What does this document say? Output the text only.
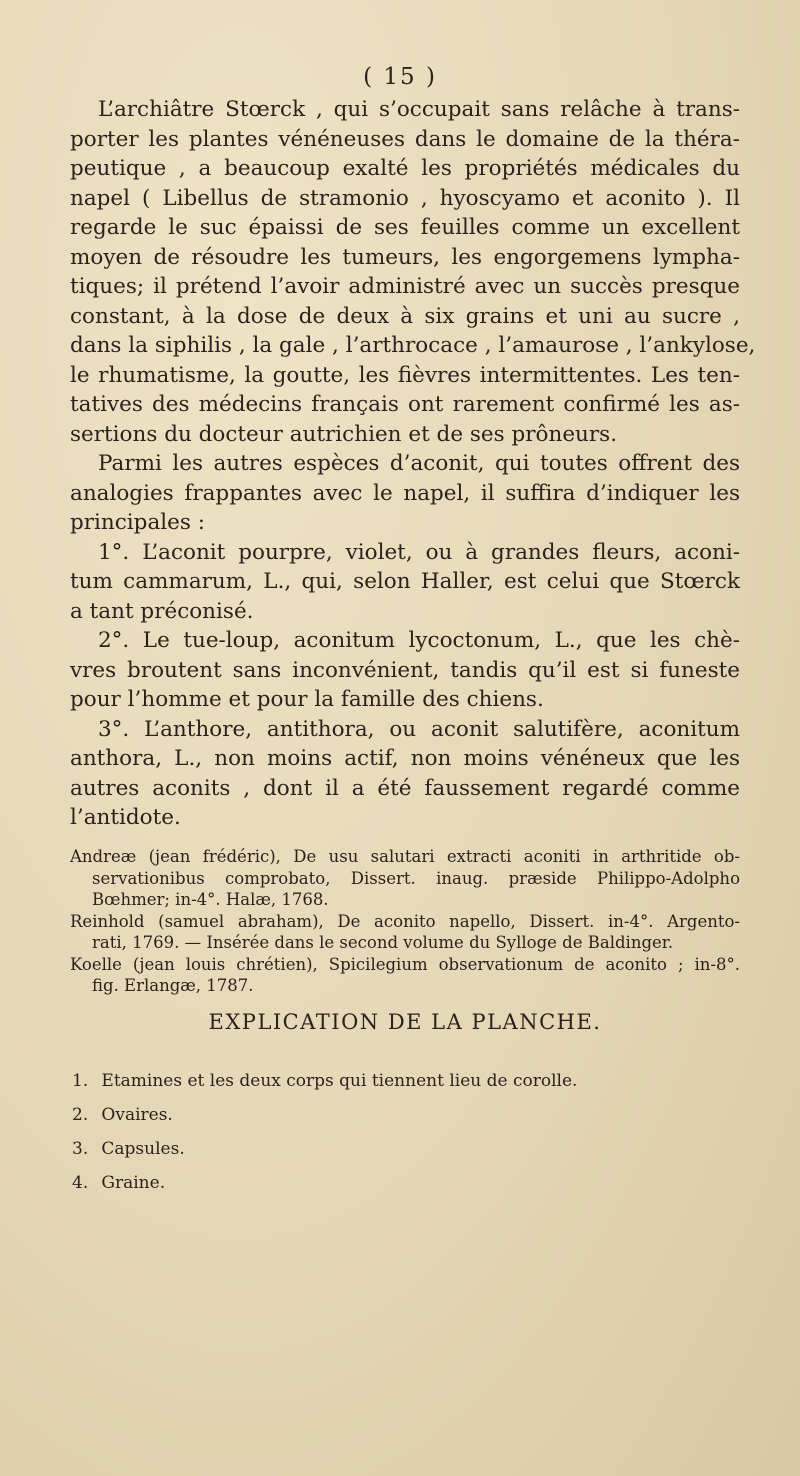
( 15 )
L’archiâtre Stœrck , qui s’occupait sans relâche à trans-
porter les plantes vénéneuses dans le domaine de la théra-
peutique , a beaucoup exalté les propriétés médicales du
napel ( Libellus de stramonio , hyoscyamo et aconito ). Il
regarde le suc épaissi de ses feuilles comme un excellent
moyen de résoudre les tumeurs, les engorgemens lympha-
tiques; il prétend l’avoir administré avec un succès presque
constant, à la dose de deux à six grains et uni au sucre ,
dans la siphilis , la gale , l’arthrocace , l’amaurose , l’ankylose,
le rhumatisme, la goutte, les fièvres intermittentes. Les ten-
tatives des médecins français ont rarement confirmé les as-
sertions du docteur autrichien et de ses prôneurs.
Parmi les autres espèces d’aconit, qui toutes offrent des
analogies frappantes avec le napel, il suffira d’indiquer les
principales :
1°. L’aconit pourpre, violet, ou à grandes fleurs, aconi-
tum cammarum, L., qui, selon Haller, est celui que Stœrck
a tant préconisé.
2°. Le tue-loup, aconitum lycoctonum, L., que les chè-
vres broutent sans inconvénient, tandis qu’il est si funeste
pour l’homme et pour la famille des chiens.
3°. L’anthore, antithora, ou aconit salutifère, aconitum
anthora, L., non moins actif, non moins vénéneux que les
autres aconits , dont il a été faussement regardé comme
l’antidote.
Andreæ (jean frédéric), De usu salutari extracti aconiti in arthritide ob-
servationibus comprobato, Dissert. inaug. præside Philippo-Adolpho
Bœhmer; in-4°. Halæ, 1768.
Reinhold (samuel abraham), De aconito napello, Dissert. in-4°. Argento-
rati, 1769. — Insérée dans le second volume du Sylloge de Baldinger.
Koelle (jean louis chrétien), Spicilegium observationum de aconito ; in-8°.
fig. Erlangæ, 1787.
EXPLICATION DE LA PLANCHE.
1. Etamines et les deux corps qui tiennent lieu de corolle.
2. Ovaires.
3. Capsules.
4. Graine.
